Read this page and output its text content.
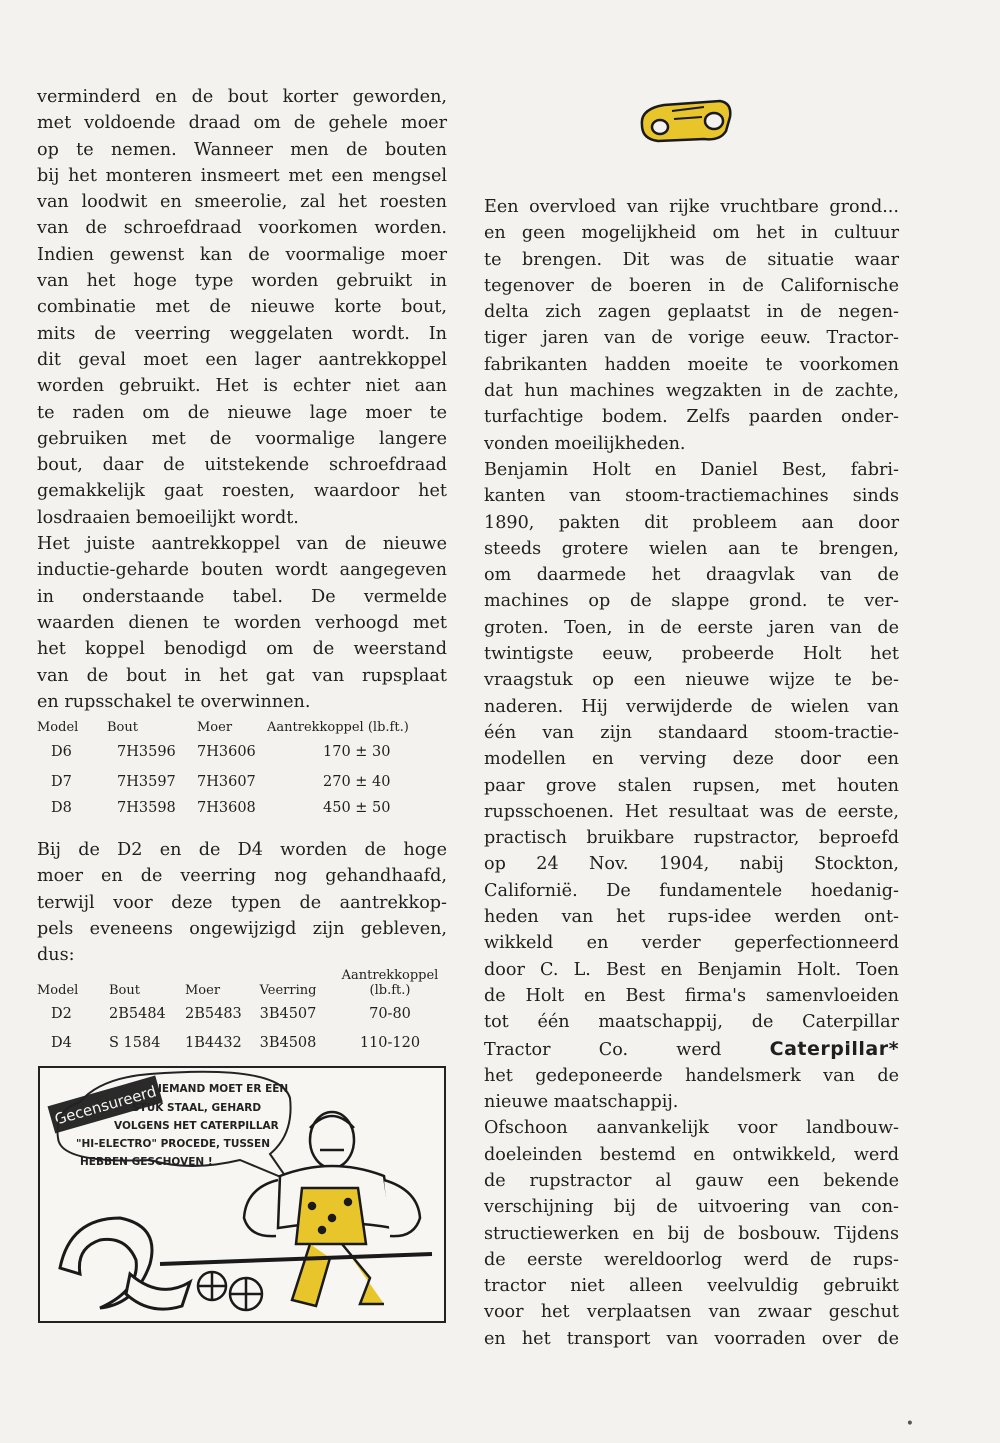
verminderd en de bout korter geworden,
met voldoende draad om de gehele moer
op te nemen. Wanneer men de bouten
bij het monteren insmeert met een mengsel
van loodwit en smeerolie, zal het roesten
van de schroefdraad voorkomen worden.
Indien gewenst kan de voormalige moer
van het hoge type worden gebruikt in
combinatie met de nieuwe korte bout,
mits de veerring weggelaten wordt. In
dit geval moet een lager aantrekkoppel
worden gebruikt. Het is echter niet aan
te raden om de nieuwe lage moer te
gebruiken met de voormalige langere
bout, daar de uitstekende schroefdraad
gemakkelijk gaat roesten, waardoor het
losdraaien bemoeilijkt wordt.

Het juiste aantrekkoppel van de nieuwe
inductie-geharde bouten wordt aangegeven
in onderstaande tabel. De vermelde
waarden dienen te worden verhoogd met
het koppel benodigd om de weerstand
van de bout in het gat van rupsplaat
en rupsschakel te overwinnen.

Model	Bout	Moer	Aantrekkoppel (lb.ft.)
D6	7H3596	7H3606	170 ± 30
D7	7H3597	7H3607	270 ± 40
D8	7H3598	7H3608	450 ± 50

Bij de D2 en de D4 worden de hoge
moer en de veerring nog gehandhaafd,
terwijl voor deze typen de aantrekkop-
pels eveneens ongewijzigd zijn gebleven,
dus:

Model	Bout	Moer	Veerring	Aantrekkoppel (lb.ft.)
D2	2B5484	2B5483	3B4507	70-80
D4	S 1584	1B4432	3B4508	110-120
Gecensureerd IEMAND MOET ER EEN
STUK STAAL, GEHARD
VOLGENS HET CATERPILLAR
"HI-ELECTRO" PROCEDE, TUSSEN
HEBBEN GESCHOVEN !

Een overvloed van rijke vruchtbare grond...
en geen mogelijkheid om het in cultuur
te brengen. Dit was de situatie waar
tegenover de boeren in de Californische
delta zich zagen geplaatst in de negen-
tiger jaren van de vorige eeuw. Tractor-
fabrikanten hadden moeite te voorkomen
dat hun machines wegzakten in de zachte,
turfachtige bodem. Zelfs paarden onder-
vonden moeilijkheden.

Benjamin Holt en Daniel Best, fabri-
kanten van stoom-tractiemachines sinds
1890, pakten dit probleem aan door
steeds grotere wielen aan te brengen,
om daarmede het draagvlak van de
machines op de slappe grond. te ver-
groten. Toen, in de eerste jaren van de
twintigste eeuw, probeerde Holt het
vraagstuk op een nieuwe wijze te be-
naderen. Hij verwijderde de wielen van
één van zijn standaard stoom-tractie-
modellen en verving deze door een
paar grove stalen rupsen, met houten
rupsschoenen. Het resultaat was de eerste,
practisch bruikbare rupstractor, beproefd
op 24 Nov. 1904, nabij Stockton,
Californië. De fundamentele hoedanig-
heden van het rups-idee werden ont-
wikkeld en verder geperfectionneerd
door C. L. Best en Benjamin Holt. Toen
de Holt en Best firma's samenvloeiden
tot één maatschappij, de Caterpillar

Tractor Co. werd	Caterpillar*

het gedeponeerde handelsmerk van de
nieuwe maatschappij.

Ofschoon aanvankelijk voor landbouw-
doeleinden bestemd en ontwikkeld, werd
de rupstractor al gauw een bekende
verschijning bij de uitvoering van con-
structiewerken en bij de bosbouw. Tijdens
de eerste wereldoorlog werd de rups-
tractor niet alleen veelvuldig gebruikt
voor het verplaatsen van zwaar geschut
en het transport van voorraden over de

•
